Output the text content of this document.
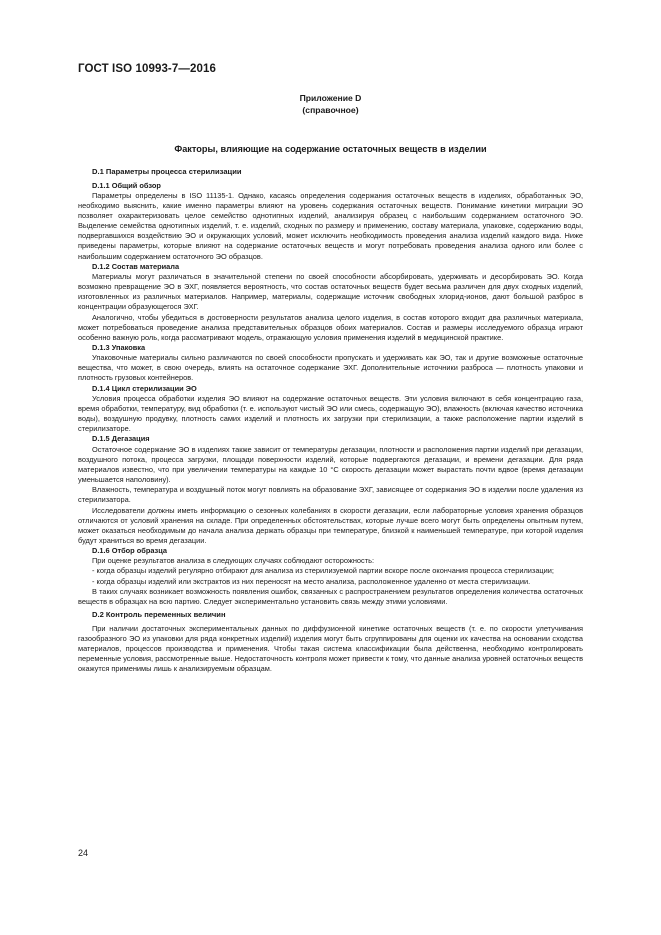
ГОСТ ISO 10993-7—2016
Приложение D
(справочное)
Факторы, влияющие на содержание остаточных веществ в изделии
D.1 Параметры процесса стерилизации
D.1.1 Общий обзор

Параметры определены в ISO 11135-1. Однако, касаясь определения содержания остаточных веществ в изделиях, обработанных ЭО, необходимо выяснить, какие именно параметры влияют на уровень содержания остаточных веществ. Понимание кинетики миграции ЭО позволяет охарактеризовать целое семейство однотипных изделий, анализируя образец с наибольшим содержанием остаточного ЭО. Выделение семейства однотипных изделий, т. е. изделий, сходных по размеру и применению, составу материала, упаковке, содержанию воды, подвергавшихся воздействию ЭО и окружающих условий, может исключить необходимость проведения анализа изделий каждого вида. Ниже приведены параметры, которые влияют на содержание остаточных веществ и могут потребовать проведения анализа одного или более с наибольшим содержанием остаточного ЭО образцов.

D.1.2 Состав материала

Материалы могут различаться в значительной степени по своей способности абсорбировать, удерживать и десорбировать ЭО. Когда возможно превращение ЭО в ЭХГ, появляется вероятность, что состав остаточных веществ будет весьма различен для двух сходных изделий, изготовленных из различных материалов. Например, материалы, содержащие источник свободных хлорид-ионов, дают большой разброс в концентрации образующегося ЭХГ.

Аналогично, чтобы убедиться в достоверности результатов анализа целого изделия, в состав которого входит два различных материала, может потребоваться проведение анализа представительных образцов обоих материалов. Состав и размеры исследуемого образца играют особенно важную роль, когда рассматривают модель, отражающую условия применения изделий в медицинской практике.

D.1.3 Упаковка

Упаковочные материалы сильно различаются по своей способности пропускать и удерживать как ЭО, так и другие возможные остаточные вещества, что может, в свою очередь, влиять на остаточное содержание ЭХГ. Дополнительные источники разброса — плотность упаковки и плотность грузовых контейнеров.

D.1.4 Цикл стерилизации ЭО

Условия процесса обработки изделия ЭО влияют на содержание остаточных веществ. Эти условия включают в себя концентрацию газа, время обработки, температуру, вид обработки (т. е. используют чистый ЭО или смесь, содержащую ЭО), влажность (включая качество источника воды), воздушную продувку, плотность самих изделий и плотность их загрузки при стерилизации, а также расположение партии изделий в стерилизаторе.

D.1.5 Дегазация

Остаточное содержание ЭО в изделиях также зависит от температуры дегазации, плотности и расположения партии изделий при дегазации, воздушного потока, процесса загрузки, площади поверхности изделий, которые подвергаются дегазации, и времени дегазации. Для ряда материалов известно, что при увеличении температуры на каждые 10 °С скорость дегазации может вырастать почти вдвое (время дегазации уменьшается наполовину).

Влажность, температура и воздушный поток могут повлиять на образование ЭХГ, зависящее от содержания ЭО в изделии после удаления из стерилизатора.

Исследователи должны иметь информацию о сезонных колебаниях в скорости дегазации, если лабораторные условия хранения образцов отличаются от условий хранения на складе. При определенных обстоятельствах, которые лучше всего могут быть определены опытным путем, может оказаться необходимым до начала анализа держать образцы при температуре, близкой к наименьшей температуре, при которой изделия будут храниться во время дегазации.

D.1.6 Отбор образца

При оценке результатов анализа в следующих случаях соблюдают осторожность:

- когда образцы изделий регулярно отбирают для анализа из стерилизуемой партии вскоре после окончания процесса стерилизации;

- когда образцы изделий или экстрактов из них переносят на место анализа, расположенное удаленно от места стерилизации.

В таких случаях возникает возможность появления ошибок, связанных с распространением результатов определения количества остаточных веществ в образцах на всю партию. Следует экспериментально установить связь между этими условиями.

D.2 Контроль переменных величин

При наличии достаточных экспериментальных данных по диффузионной кинетике остаточных веществ (т. е. по скорости улетучивания газообразного ЭО из упаковки для ряда конкретных изделий) изделия могут быть сгруппированы для оценки их качества на основании сходства материалов, процессов производства и применения. Чтобы такая система классификации была действенна, необходимо контролировать переменные условия, рассмотренные выше. Недостаточность контроля может привести к тому, что данные анализа уровней остаточных веществ окажутся применимы лишь к анализируемым образцам.

24
